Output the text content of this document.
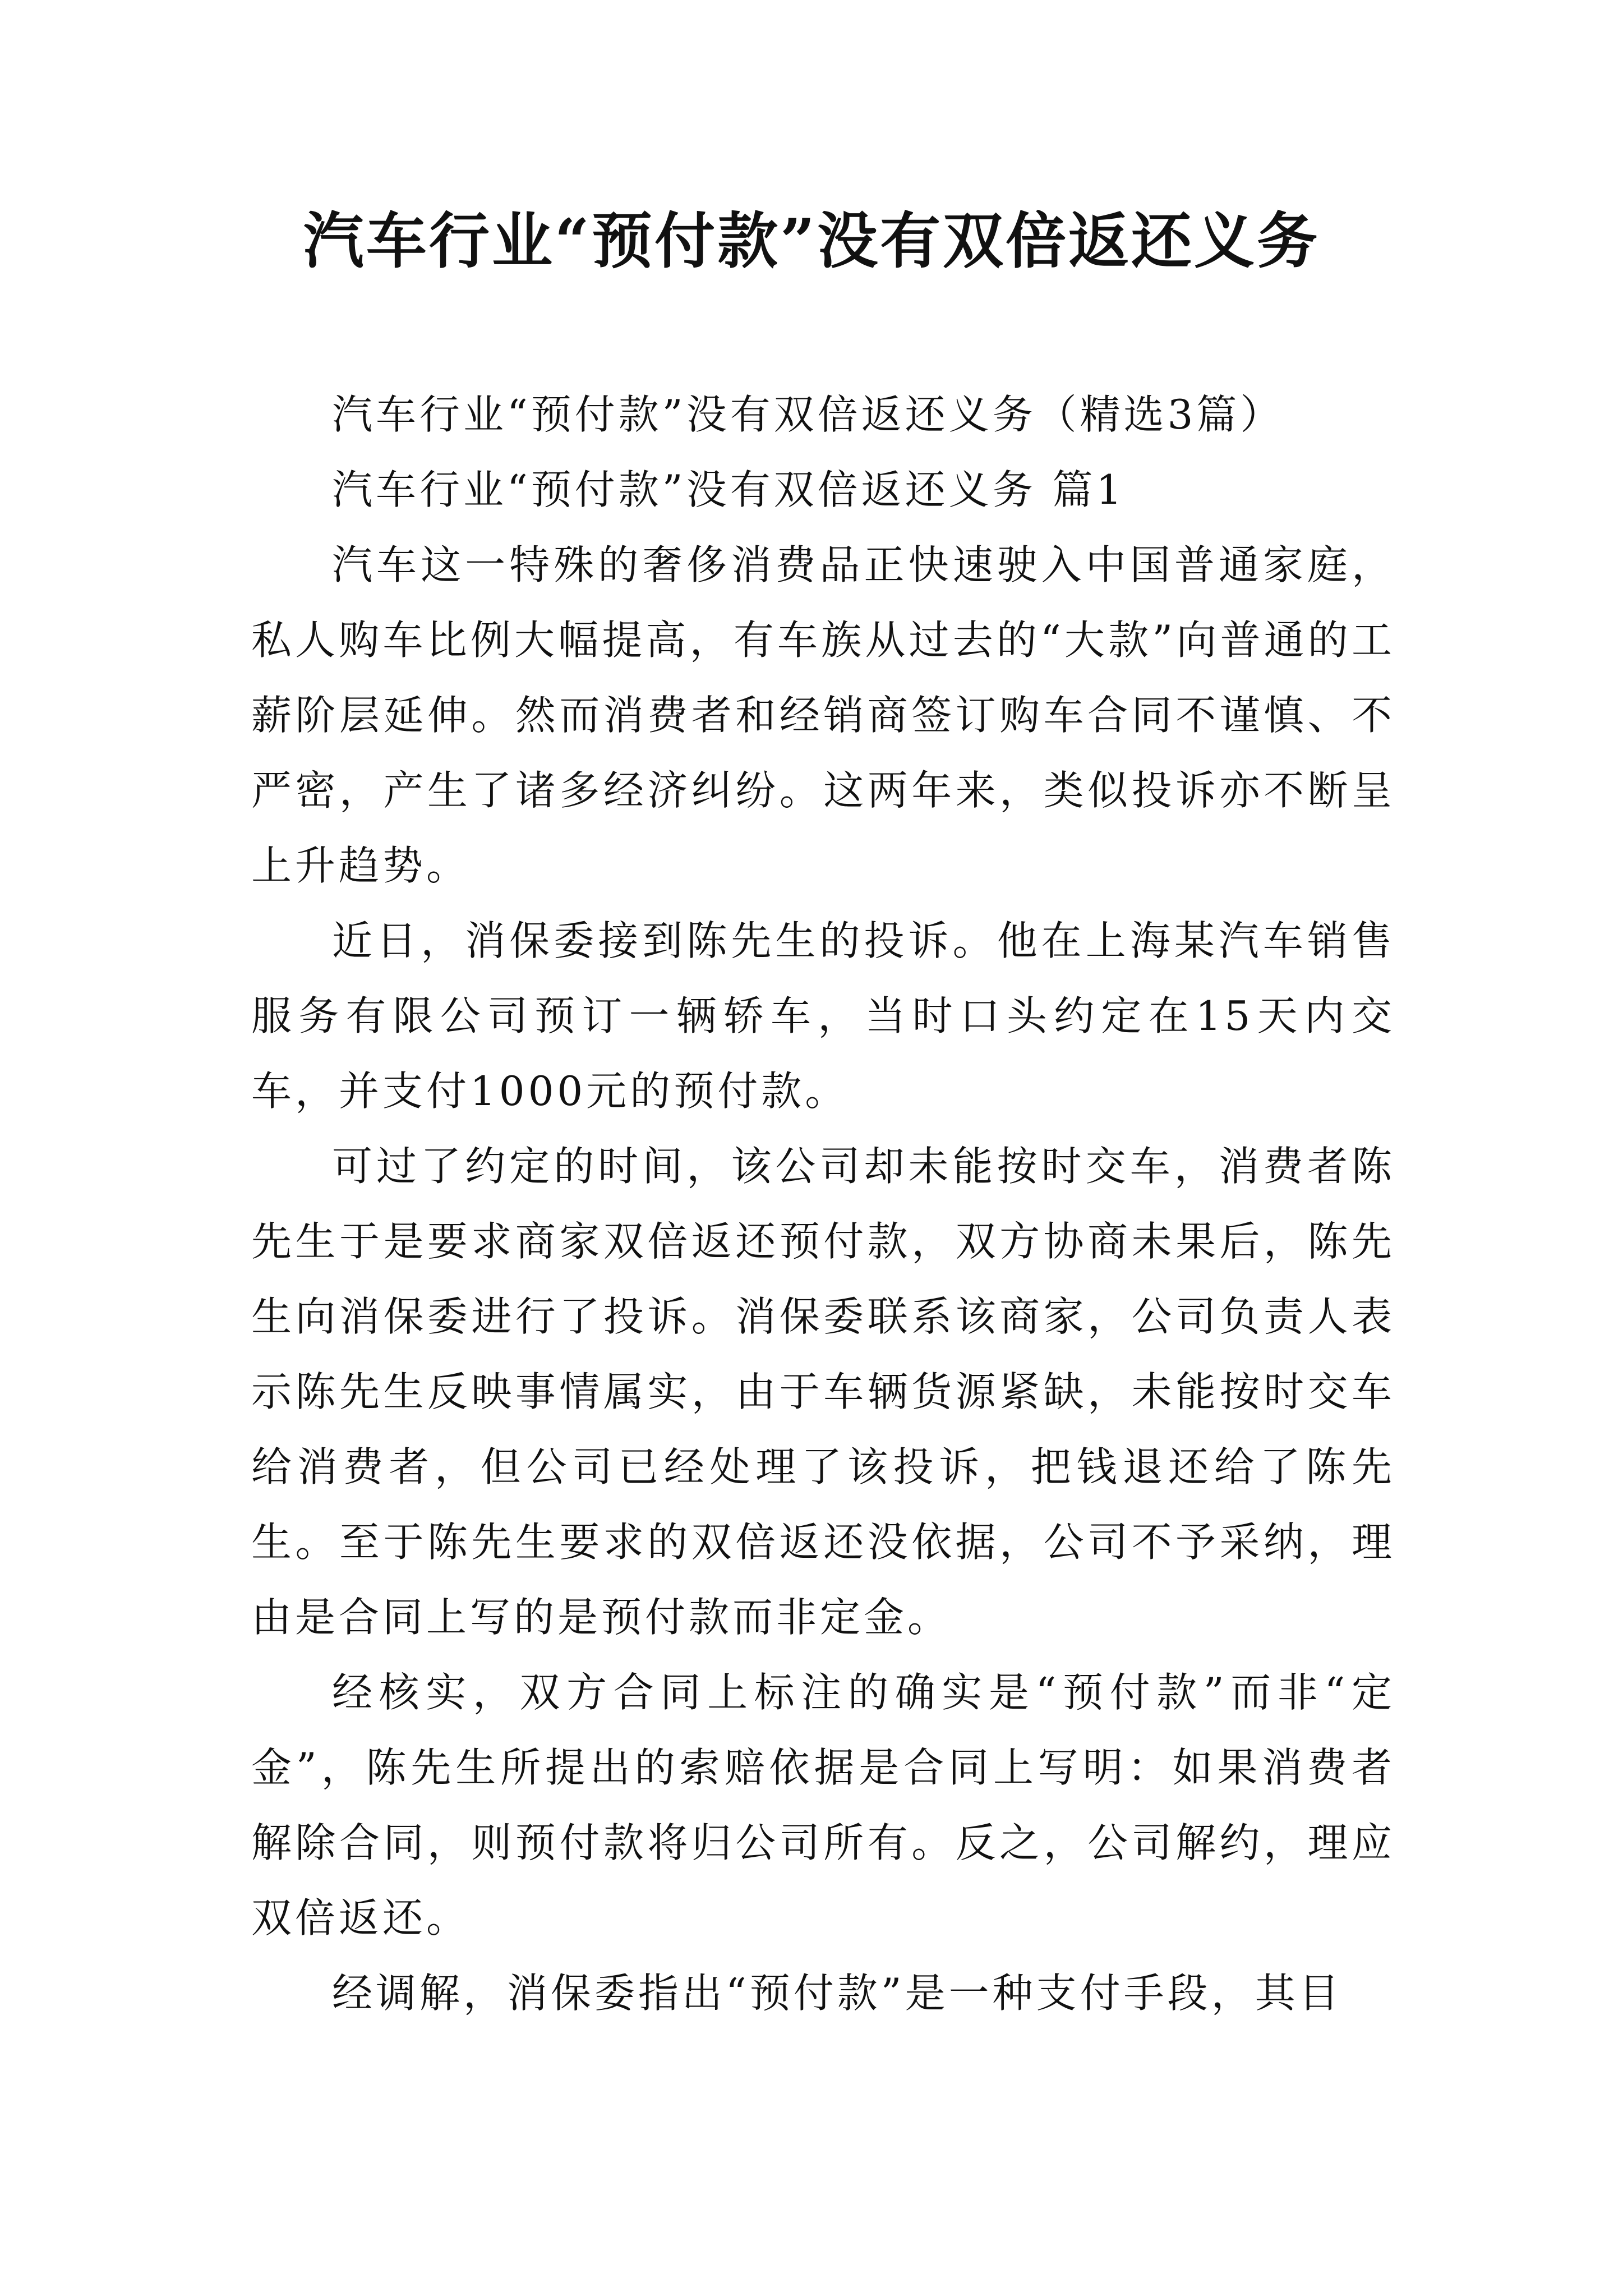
汽车行业“预付款”没有双倍返还义务

汽车行业“预付款”没有双倍返还义务（精选3篇）

汽车行业“预付款”没有双倍返还义务 篇1

汽车这一特殊的奢侈消费品正快速驶入中国普通家庭，私人购车比例大幅提高，有车族从过去的“大款”向普通的工薪阶层延伸。然而消费者和经销商签订购车合同不谨慎、不严密，产生了诸多经济纠纷。这两年来，类似投诉亦不断呈上升趋势。

近日，消保委接到陈先生的投诉。他在上海某汽车销售服务有限公司预订一辆轿车，当时口头约定在15天内交车，并支付1000元的预付款。

可过了约定的时间，该公司却未能按时交车，消费者陈先生于是要求商家双倍返还预付款，双方协商未果后，陈先生向消保委进行了投诉。消保委联系该商家，公司负责人表示陈先生反映事情属实，由于车辆货源紧缺，未能按时交车给消费者，但公司已经处理了该投诉，把钱退还给了陈先生。至于陈先生要求的双倍返还没依据，公司不予采纳，理由是合同上写的是预付款而非定金。

经核实，双方合同上标注的确实是“预付款”而非“定金”，陈先生所提出的索赔依据是合同上写明：如果消费者解除合同，则预付款将归公司所有。反之，公司解约，理应双倍返还。

经调解，消保委指出“预付款”是一种支付手段，其目
